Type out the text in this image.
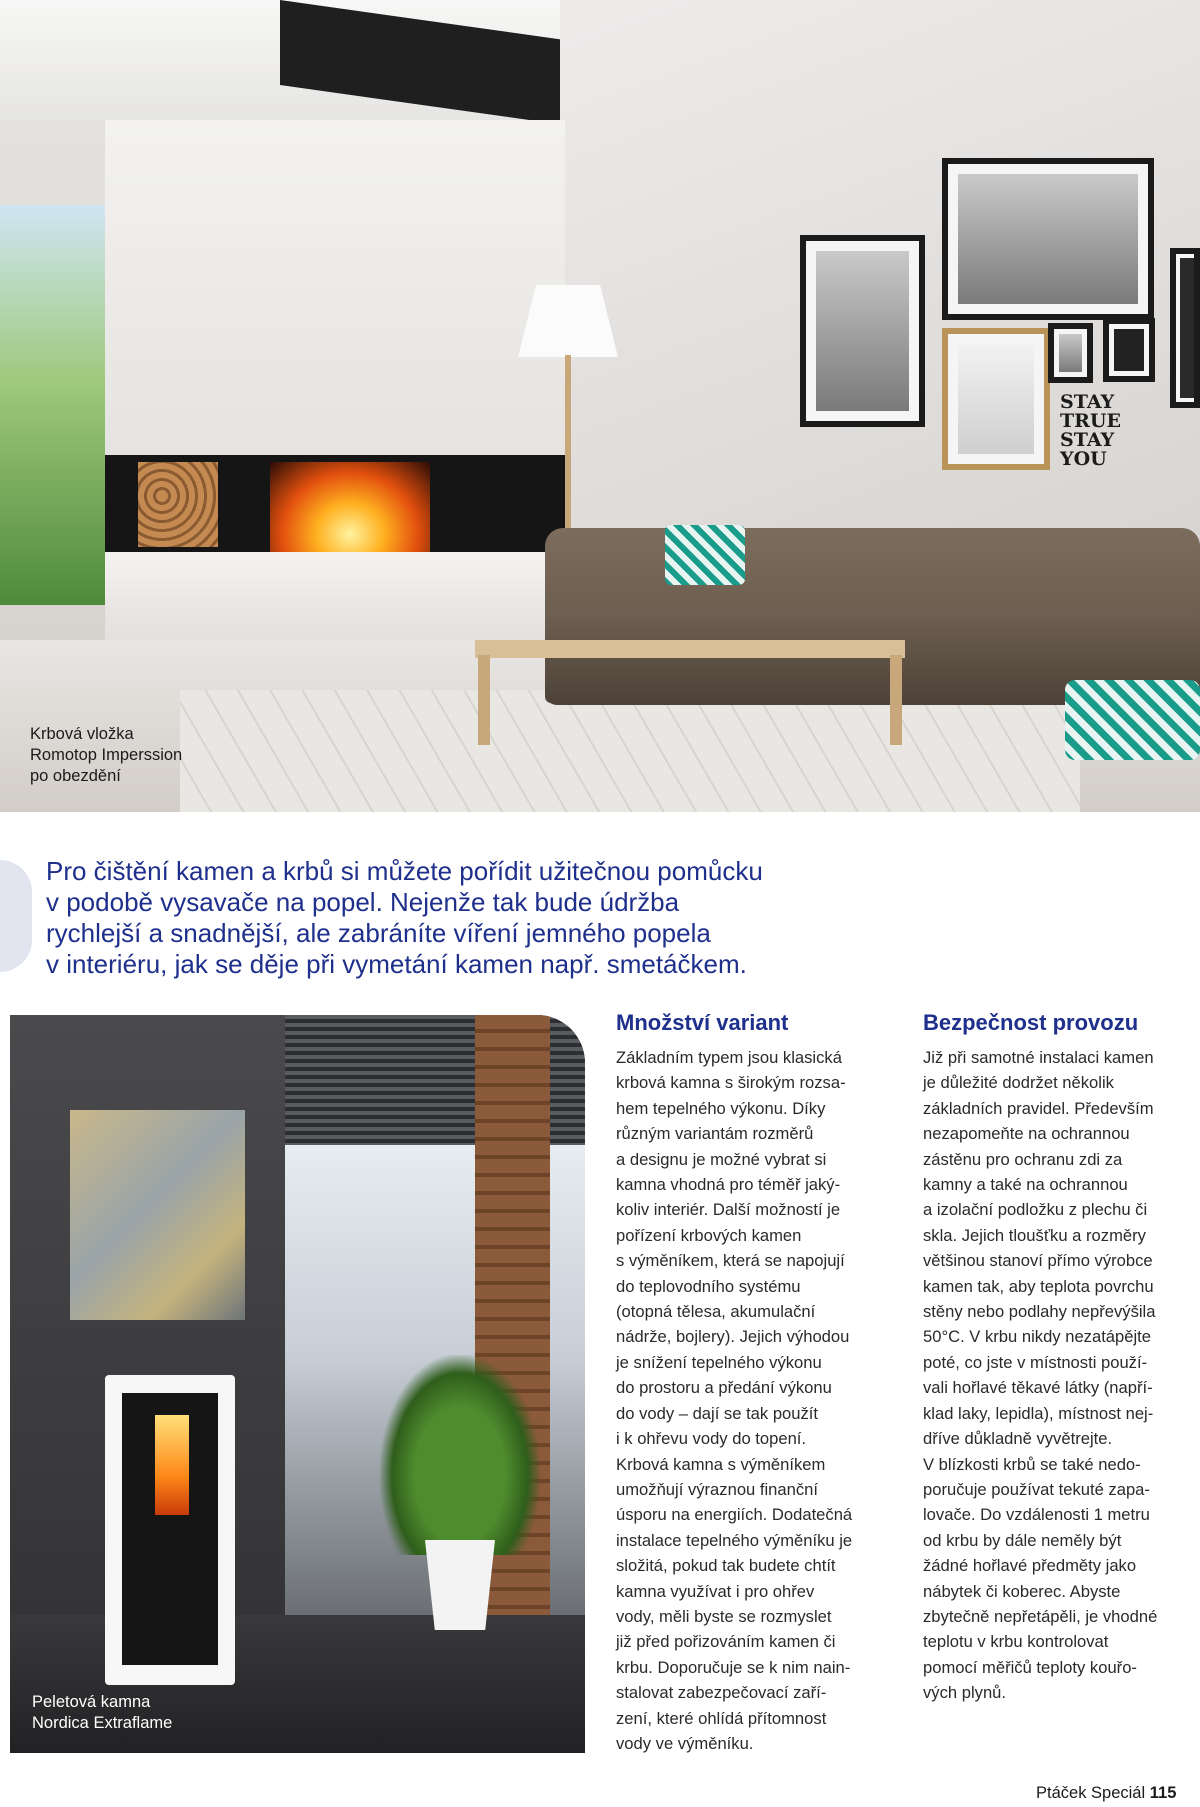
STAY TRUE STAY YOU
Krbová vložka
Romotop Imperssion
po obezdění
Pro čištění kamen a krbů si můžete pořídit užitečnou pomůcku
v podobě vysavače na popel. Nejenže tak bude údržba
rychlejší a snadnější, ale zabráníte víření jemného popela
v interiéru, jak se děje při vymetání kamen např. smetáčkem.
Peletová kamna
Nordica Extraflame
Množství variant
Základním typem jsou klasická
krbová kamna s širokým rozsa-
hem tepelného výkonu. Díky
různým variantám rozměrů
a designu je možné vybrat si
kamna vhodná pro téměř jaký-
koliv interiér. Další možností je
pořízení krbových kamen
s výměníkem, která se napojují
do teplovodního systému
(otopná tělesa, akumulační
nádrže, bojlery). Jejich výhodou
je snížení tepelného výkonu
do prostoru a předání výkonu
do vody – dají se tak použít
i k ohřevu vody do topení.
Krbová kamna s výměníkem
umožňují výraznou finanční
úsporu na energiích. Dodatečná
instalace tepelného výměníku je
složitá, pokud tak budete chtít
kamna využívat i pro ohřev
vody, měli byste se rozmyslet
již před pořizováním kamen či
krbu. Doporučuje se k nim nain-
stalovat zabezpečovací zaří-
zení, které ohlídá přítomnost
vody ve výměníku.
Bezpečnost provozu
Již při samotné instalaci kamen
je důležité dodržet několik
základních pravidel. Především
nezapomeňte na ochrannou
zástěnu pro ochranu zdi za
kamny a také na ochrannou
a izolační podložku z plechu či
skla. Jejich tloušťku a rozměry
většinou stanoví přímo výrobce
kamen tak, aby teplota povrchu
stěny nebo podlahy nepřevýšila
50°C. V krbu nikdy nezatápějte
poté, co jste v místnosti použí-
vali hořlavé těkavé látky (napří-
klad laky, lepidla), místnost nej-
dříve důkladně vyvětrejte.
V blízkosti krbů se také nedo-
poručuje používat tekuté zapa-
lovače. Do vzdálenosti 1 metru
od krbu by dále neměly být
žádné hořlavé předměty jako
nábytek či koberec. Abyste
zbytečně nepřetápěli, je vhodné
teplotu v krbu kontrolovat
pomocí měřičů teploty kouřo-
vých plynů.
Ptáček Speciál 115
